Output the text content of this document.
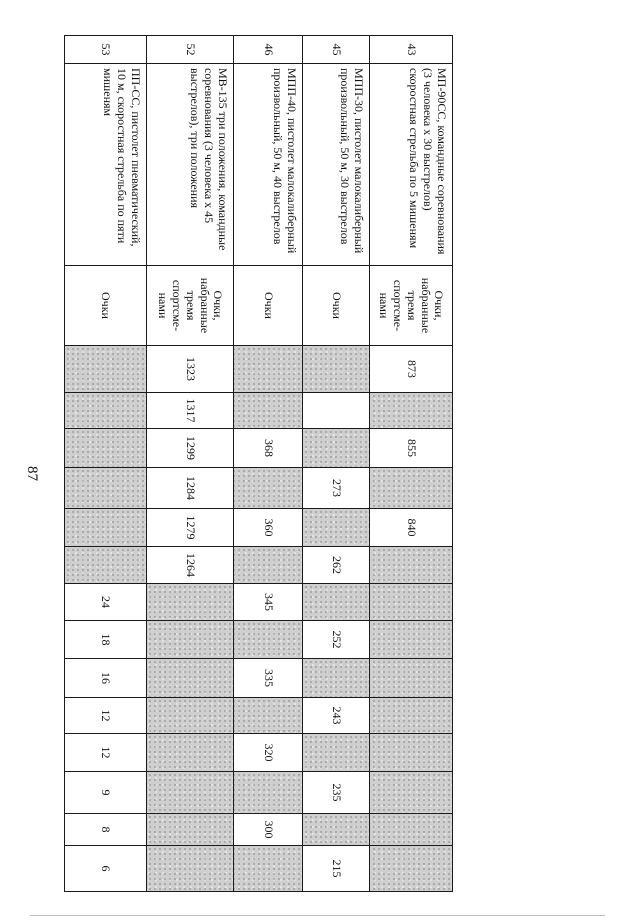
87
43	МП-90СС, командные соревнования (3 человека х 30 выстрелов) скоростная стрельба по 5 мишеням	Очки, набранные тремя спортсме-нами	873		855		840									
45	МПП-30, пистолет малокалиберный произвольный, 50 м, 30 выстрелов	Очки				273		262		252		243		235		215
46	МПП-40, пистолет малокалиберный произвольный, 50 м, 40 выстрелов	Очки			368		360		345		335		320		300	
52	МВ-135 три положения, командные соревнования (3 человека х 45 выстрелов), три положения	Очки, набранные тремя спортсме-нами	1323	1317	1299	1284	1279	1264								
53	ПП-СС, пистолет пневматический, 10 м, скоростная стрельба по пяти мишеням	Очки							24	18	16	12	12	9	8	6
